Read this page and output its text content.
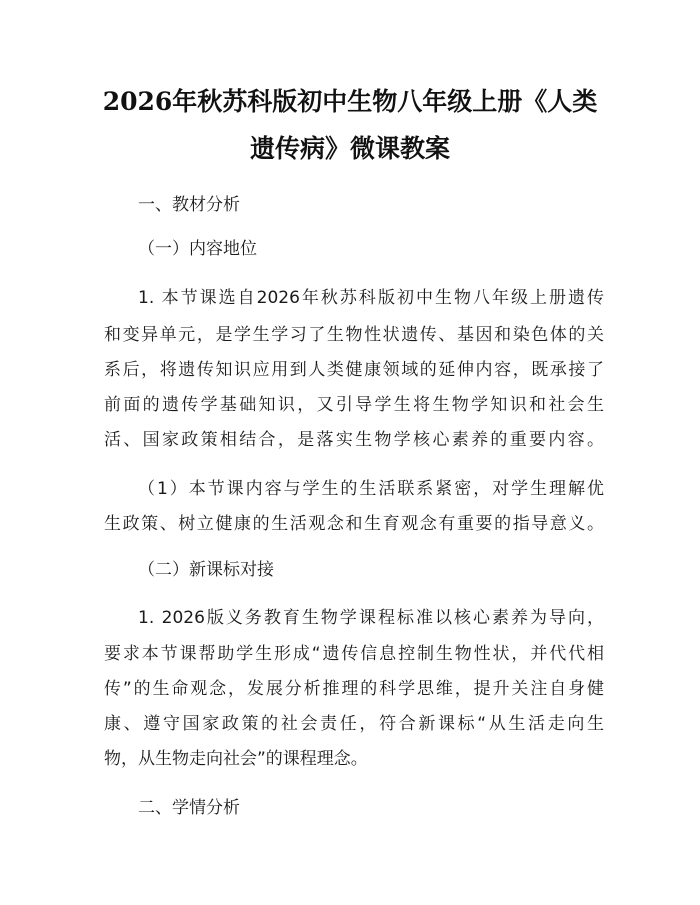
2026年秋苏科版初中生物八年级上册《人类
遗传病》微课教案
一、教材分析
（一）内容地位
1. 本节课选自2026年秋苏科版初中生物八年级上册遗传
和变异单元，是学生学习了生物性状遗传、基因和染色体的关
系后，将遗传知识应用到人类健康领域的延伸内容，既承接了
前面的遗传学基础知识，又引导学生将生物学知识和社会生
活、国家政策相结合，是落实生物学核心素养的重要内容。
（1）本节课内容与学生的生活联系紧密，对学生理解优
生政策、树立健康的生活观念和生育观念有重要的指导意义。
（二）新课标对接
1. 2026版义务教育生物学课程标准以核心素养为导向，
要求本节课帮助学生形成“遗传信息控制生物性状，并代代相
传”的生命观念，发展分析推理的科学思维，提升关注自身健
康、遵守国家政策的社会责任，符合新课标“从生活走向生
物，从生物走向社会”的课程理念。
二、学情分析
